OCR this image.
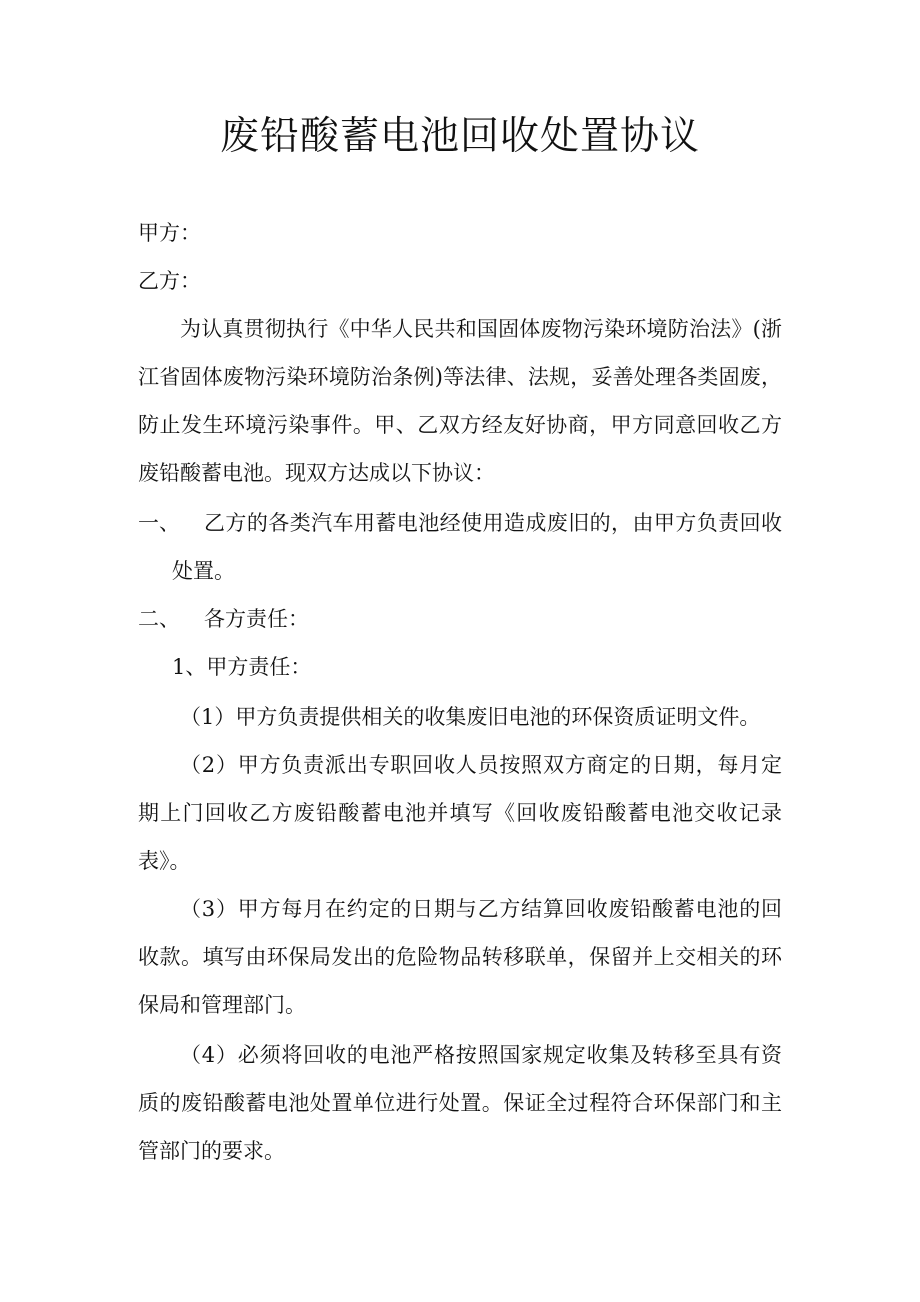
废铅酸蓄电池回收处置协议
甲方：
乙方：
为认真贯彻执行《中华人民共和国固体废物污染环境防治法》(浙
江省固体废物污染环境防治条例)等法律、法规，妥善处理各类固废，
防止发生环境污染事件。甲、乙双方经友好协商，甲方同意回收乙方
废铅酸蓄电池。现双方达成以下协议：
一、 乙方的各类汽车用蓄电池经使用造成废旧的，由甲方负责回收
处置。
二、 各方责任：
1、甲方责任：
（1）甲方负责提供相关的收集废旧电池的环保资质证明文件。
（2）甲方负责派出专职回收人员按照双方商定的日期，每月定
期上门回收乙方废铅酸蓄电池并填写《回收废铅酸蓄电池交收记录
表》。
（3）甲方每月在约定的日期与乙方结算回收废铅酸蓄电池的回
收款。填写由环保局发出的危险物品转移联单，保留并上交相关的环
保局和管理部门。
（4）必须将回收的电池严格按照国家规定收集及转移至具有资
质的废铅酸蓄电池处置单位进行处置。保证全过程符合环保部门和主
管部门的要求。
